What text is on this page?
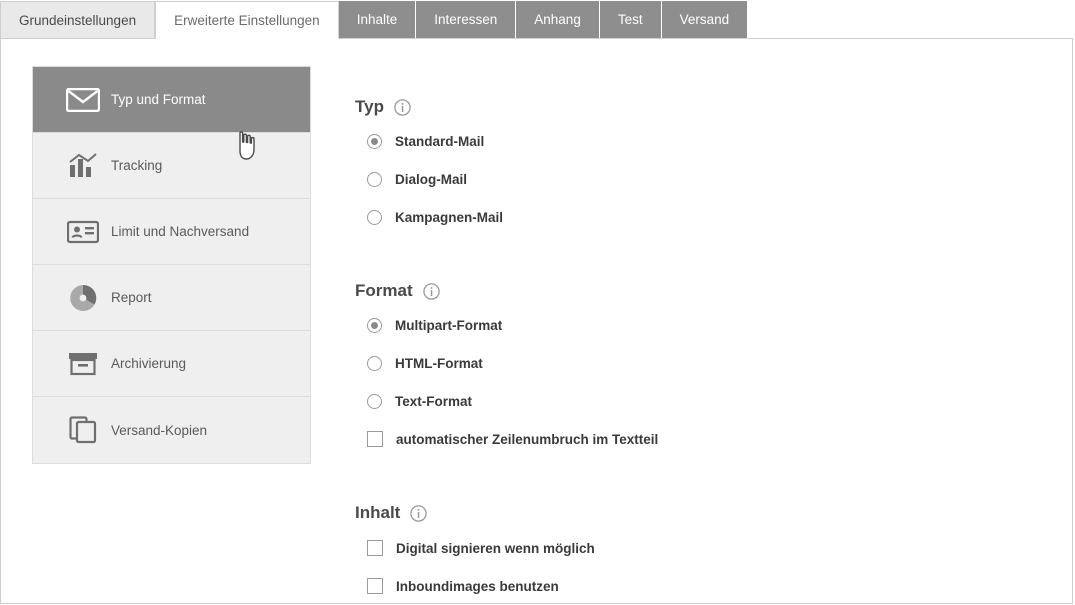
Grundeinstellungen	Erweiterte Einstellungen	Inhalte	Interessen	Anhang	Test	Versand
Typ und Format
Tracking
Limit und Nachversand
Report
Archivierung
Versand-Kopien
Typ
Standard-Mail
Dialog-Mail
Kampagnen-Mail
Format
Multipart-Format
HTML-Format
Text-Format
automatischer Zeilenumbruch im Textteil
Inhalt
Digital signieren wenn möglich
Inboundimages benutzen
